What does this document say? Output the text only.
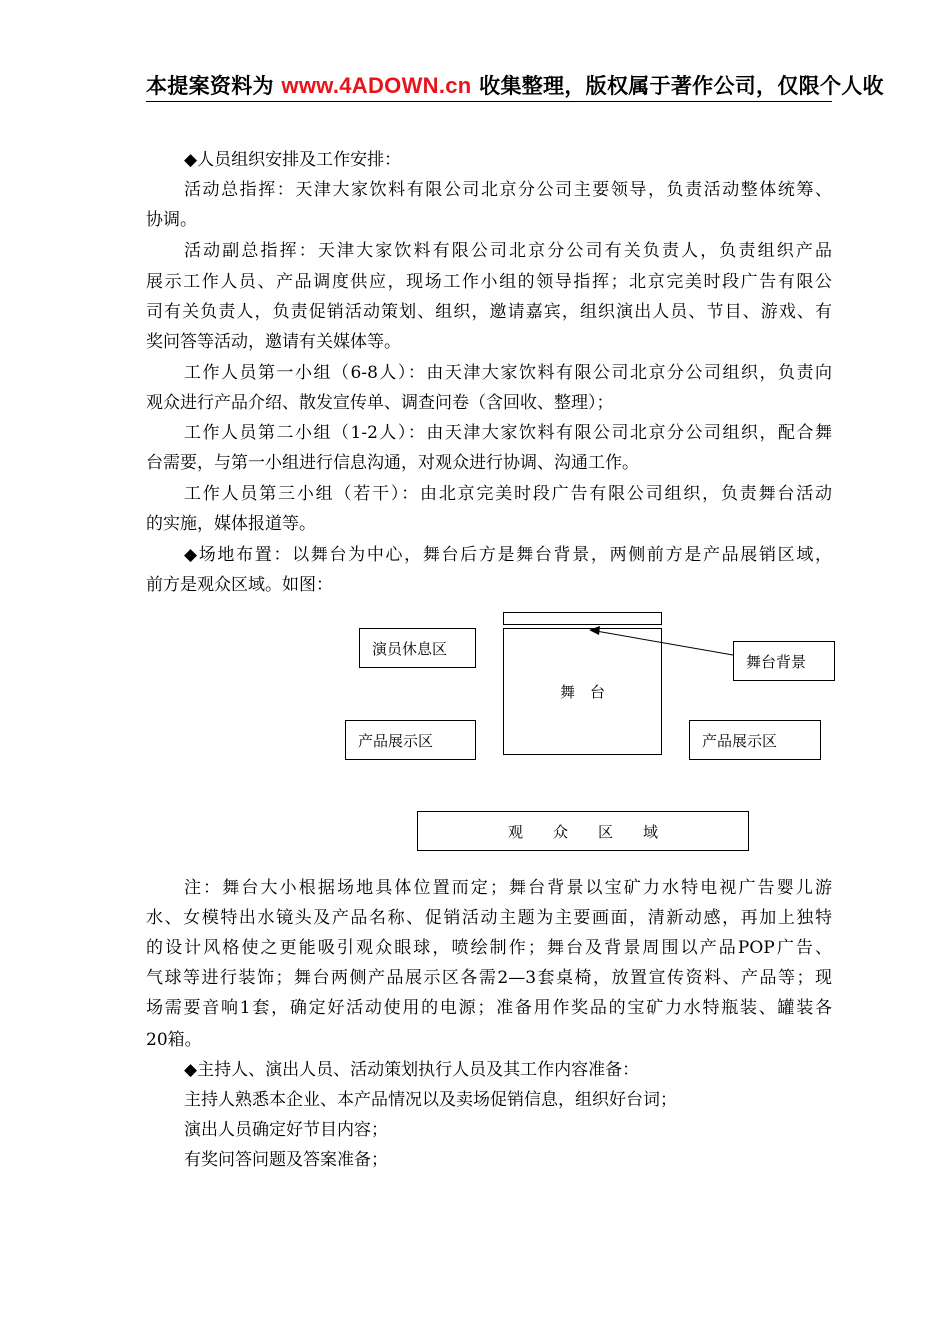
本提案资料为 www.4ADOWN.cn 收集整理，版权属于著作公司，仅限个人收
◆人员组织安排及工作安排：
活动总指挥：天津大家饮料有限公司北京分公司主要领导，负责活动整体统筹、
协调。
活动副总指挥：天津大家饮料有限公司北京分公司有关负责人，负责组织产品
展示工作人员、产品调度供应，现场工作小组的领导指挥；北京完美时段广告有限公
司有关负责人，负责促销活动策划、组织，邀请嘉宾，组织演出人员、节目、游戏、有
奖问答等活动，邀请有关媒体等。
工作人员第一小组（6-8人）：由天津大家饮料有限公司北京分公司组织，负责向
观众进行产品介绍、散发宣传单、调查问卷（含回收、整理）；
工作人员第二小组（1-2人）：由天津大家饮料有限公司北京分公司组织，配合舞
台需要，与第一小组进行信息沟通，对观众进行协调、沟通工作。
工作人员第三小组（若干）：由北京完美时段广告有限公司组织，负责舞台活动
的实施，媒体报道等。
◆场地布置：以舞台为中心，舞台后方是舞台背景，两侧前方是产品展销区域，
前方是观众区域。如图：
舞　台
演员休息区
舞台背景
产品展示区	产品展示区
观　　众　　区　　域
注：舞台大小根据场地具体位置而定；舞台背景以宝矿力水特电视广告婴儿游
水、女模特出水镜头及产品名称、促销活动主题为主要画面，清新动感，再加上独特
的设计风格使之更能吸引观众眼球，喷绘制作；舞台及背景周围以产品POP广告、
气球等进行装饰；舞台两侧产品展示区各需2—3套桌椅，放置宣传资料、产品等；现
场需要音响1套，确定好活动使用的电源；准备用作奖品的宝矿力水特瓶装、罐装各
20箱。
◆主持人、演出人员、活动策划执行人员及其工作内容准备：
主持人熟悉本企业、本产品情况以及卖场促销信息，组织好台词；
演出人员确定好节目内容；
有奖问答问题及答案准备；
